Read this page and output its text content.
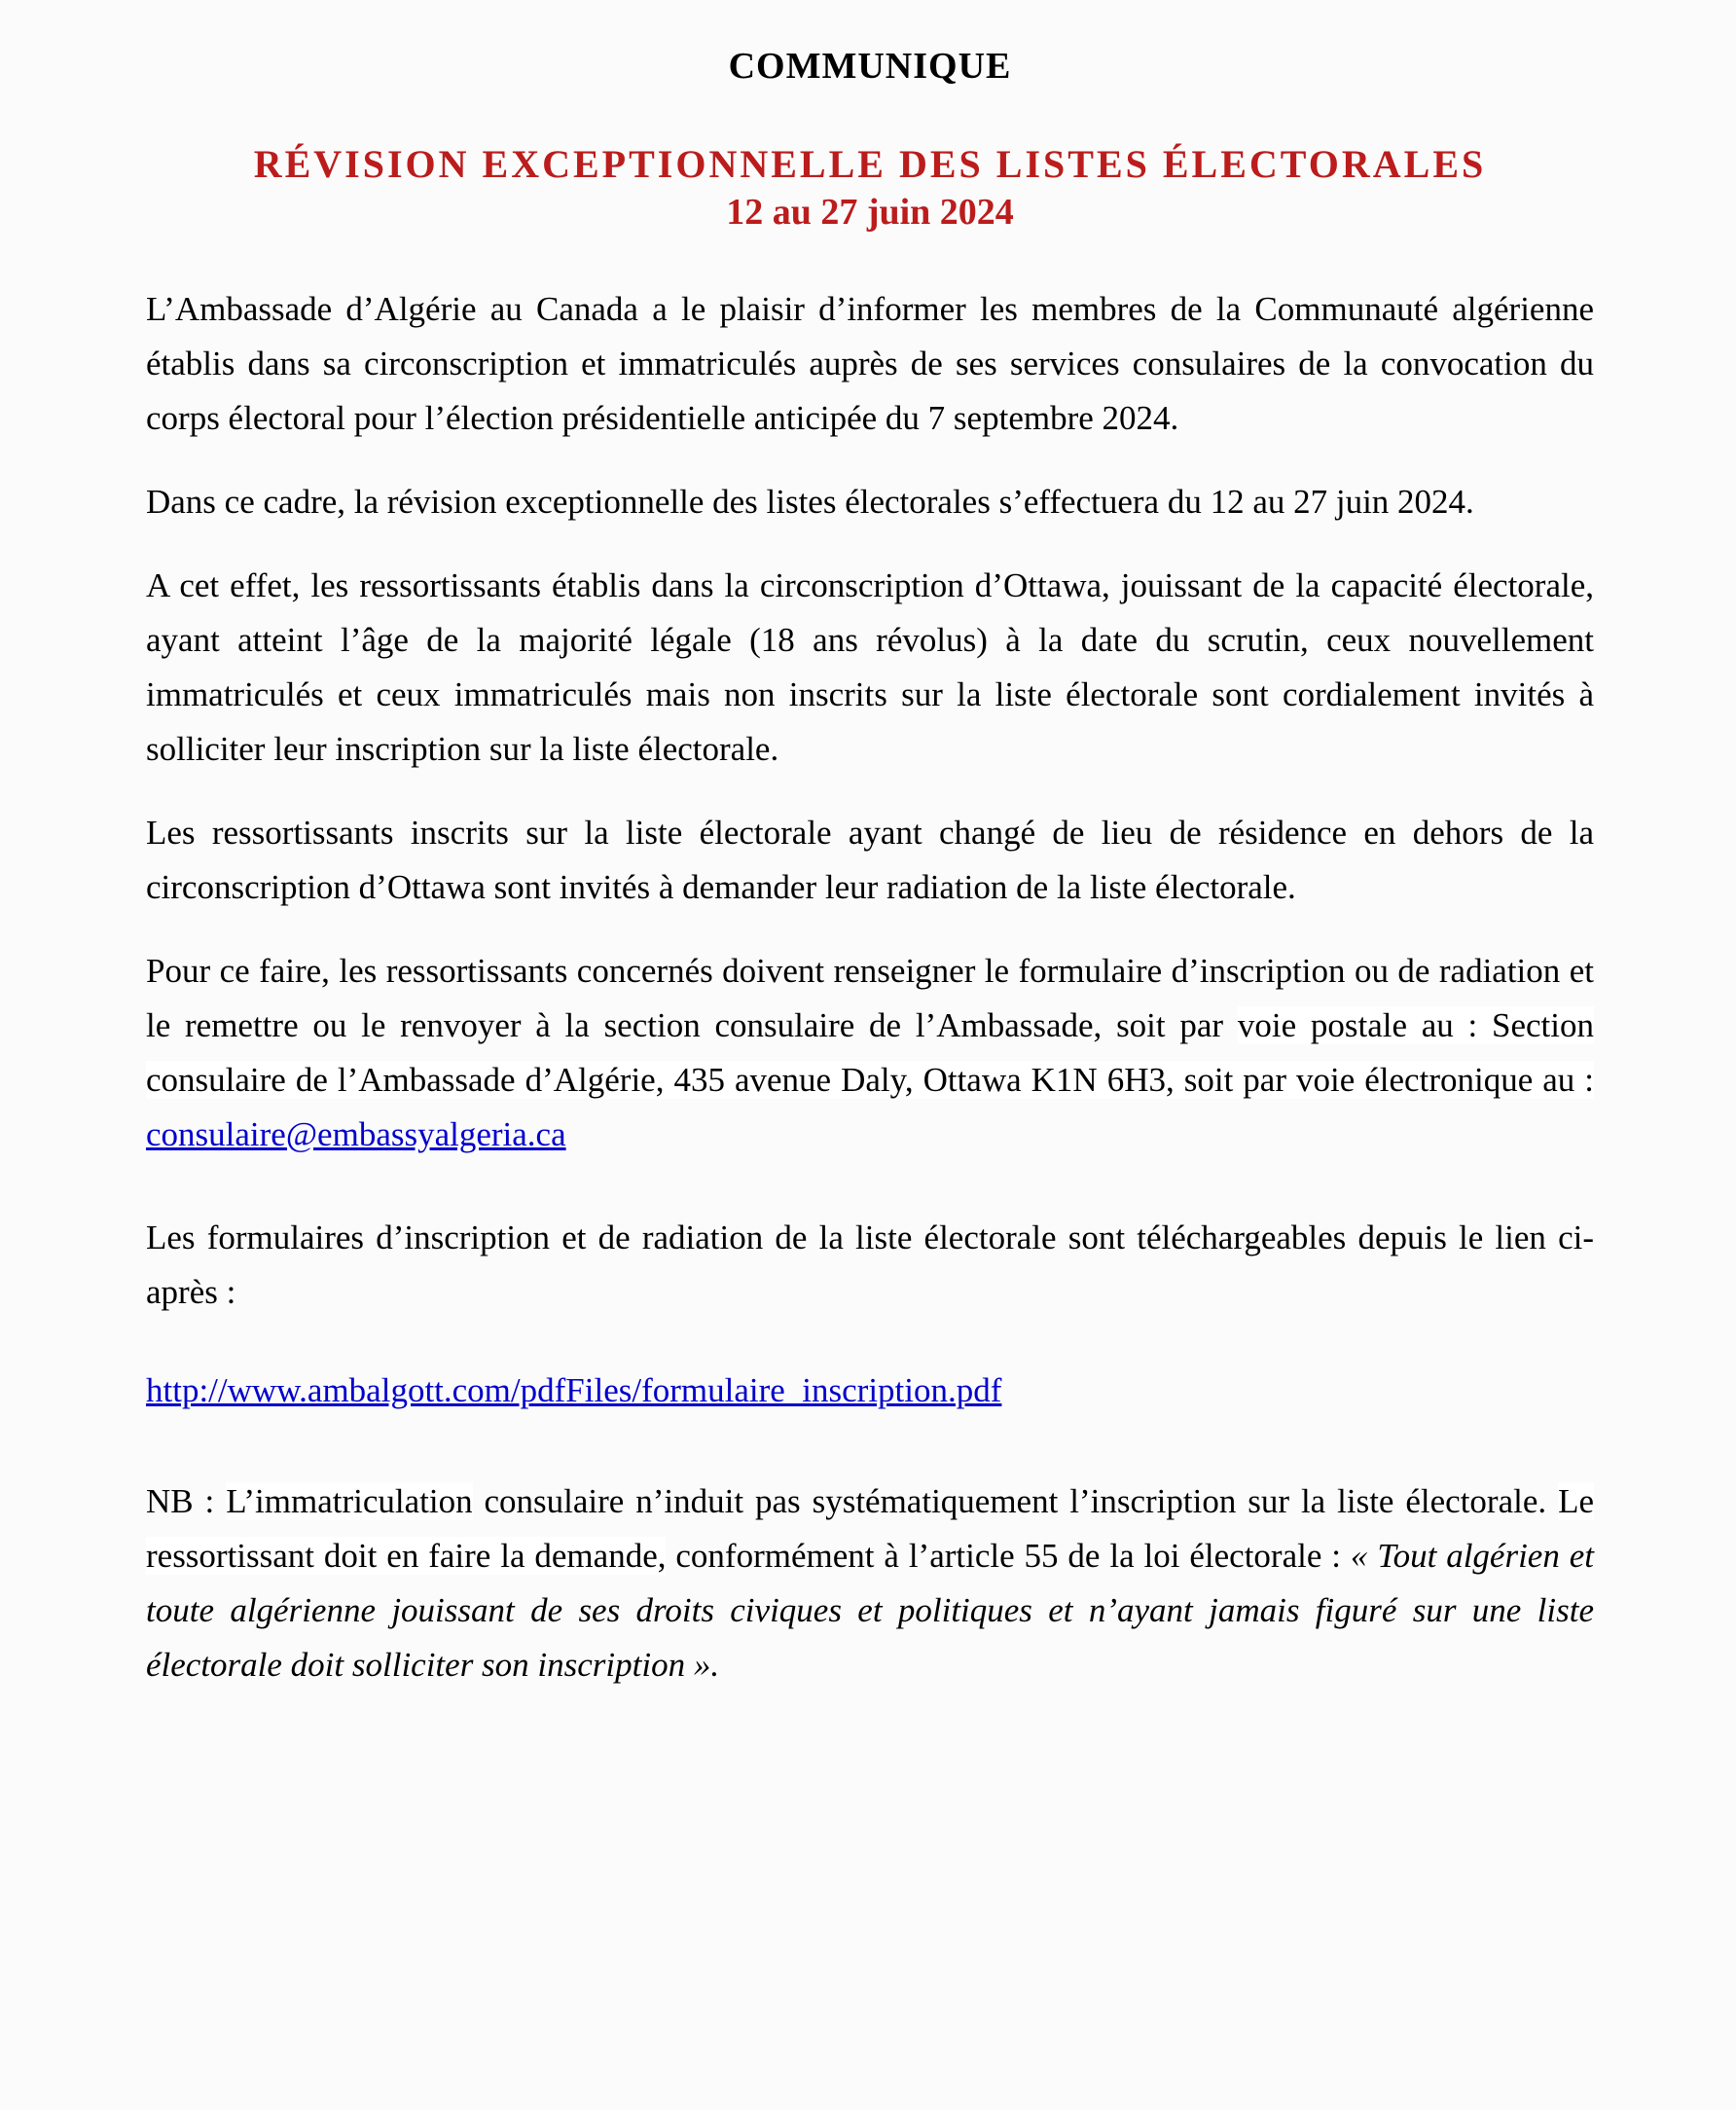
COMMUNIQUE
RÉVISION EXCEPTIONNELLE DES LISTES ÉLECTORALES
12 au 27 juin 2024

L’Ambassade d’Algérie au Canada a le plaisir d’informer les membres de la Communauté algérienne établis dans sa circonscription et immatriculés auprès de ses services consulaires de la convocation du corps électoral pour l’élection présidentielle anticipée du 7 septembre 2024.

Dans ce cadre, la révision exceptionnelle des listes électorales s’effectuera du 12 au 27 juin 2024.

A cet effet, les ressortissants établis dans la circonscription d’Ottawa, jouissant de la capacité électorale, ayant atteint l’âge de la majorité légale (18 ans révolus) à la date du scrutin, ceux nouvellement immatriculés et ceux immatriculés mais non inscrits sur la liste électorale sont cordialement invités à solliciter leur inscription sur la liste électorale.

Les ressortissants inscrits sur la liste électorale ayant changé de lieu de résidence en dehors de la circonscription d’Ottawa sont invités à demander leur radiation de la liste électorale.

Pour ce faire, les ressortissants concernés doivent renseigner le formulaire d’inscription ou de radiation et le remettre ou le renvoyer à la section consulaire de l’Ambassade, soit par voie postale au : Section consulaire de l’Ambassade d’Algérie, 435 avenue Daly, Ottawa K1N 6H3, soit par voie électronique au : consulaire@embassyalgeria.ca

Les formulaires d’inscription et de radiation de la liste électorale sont téléchargeables depuis le lien ci-après :

http://www.ambalgott.com/pdfFiles/formulaire_inscription.pdf

NB : L’immatriculation consulaire n’induit pas systématiquement l’inscription sur la liste électorale. Le ressortissant doit en faire la demande, conformément à l’article 55 de la loi électorale : « Tout algérien et toute algérienne jouissant de ses droits civiques et politiques et n’ayant jamais figuré sur une liste électorale doit solliciter son inscription ».
